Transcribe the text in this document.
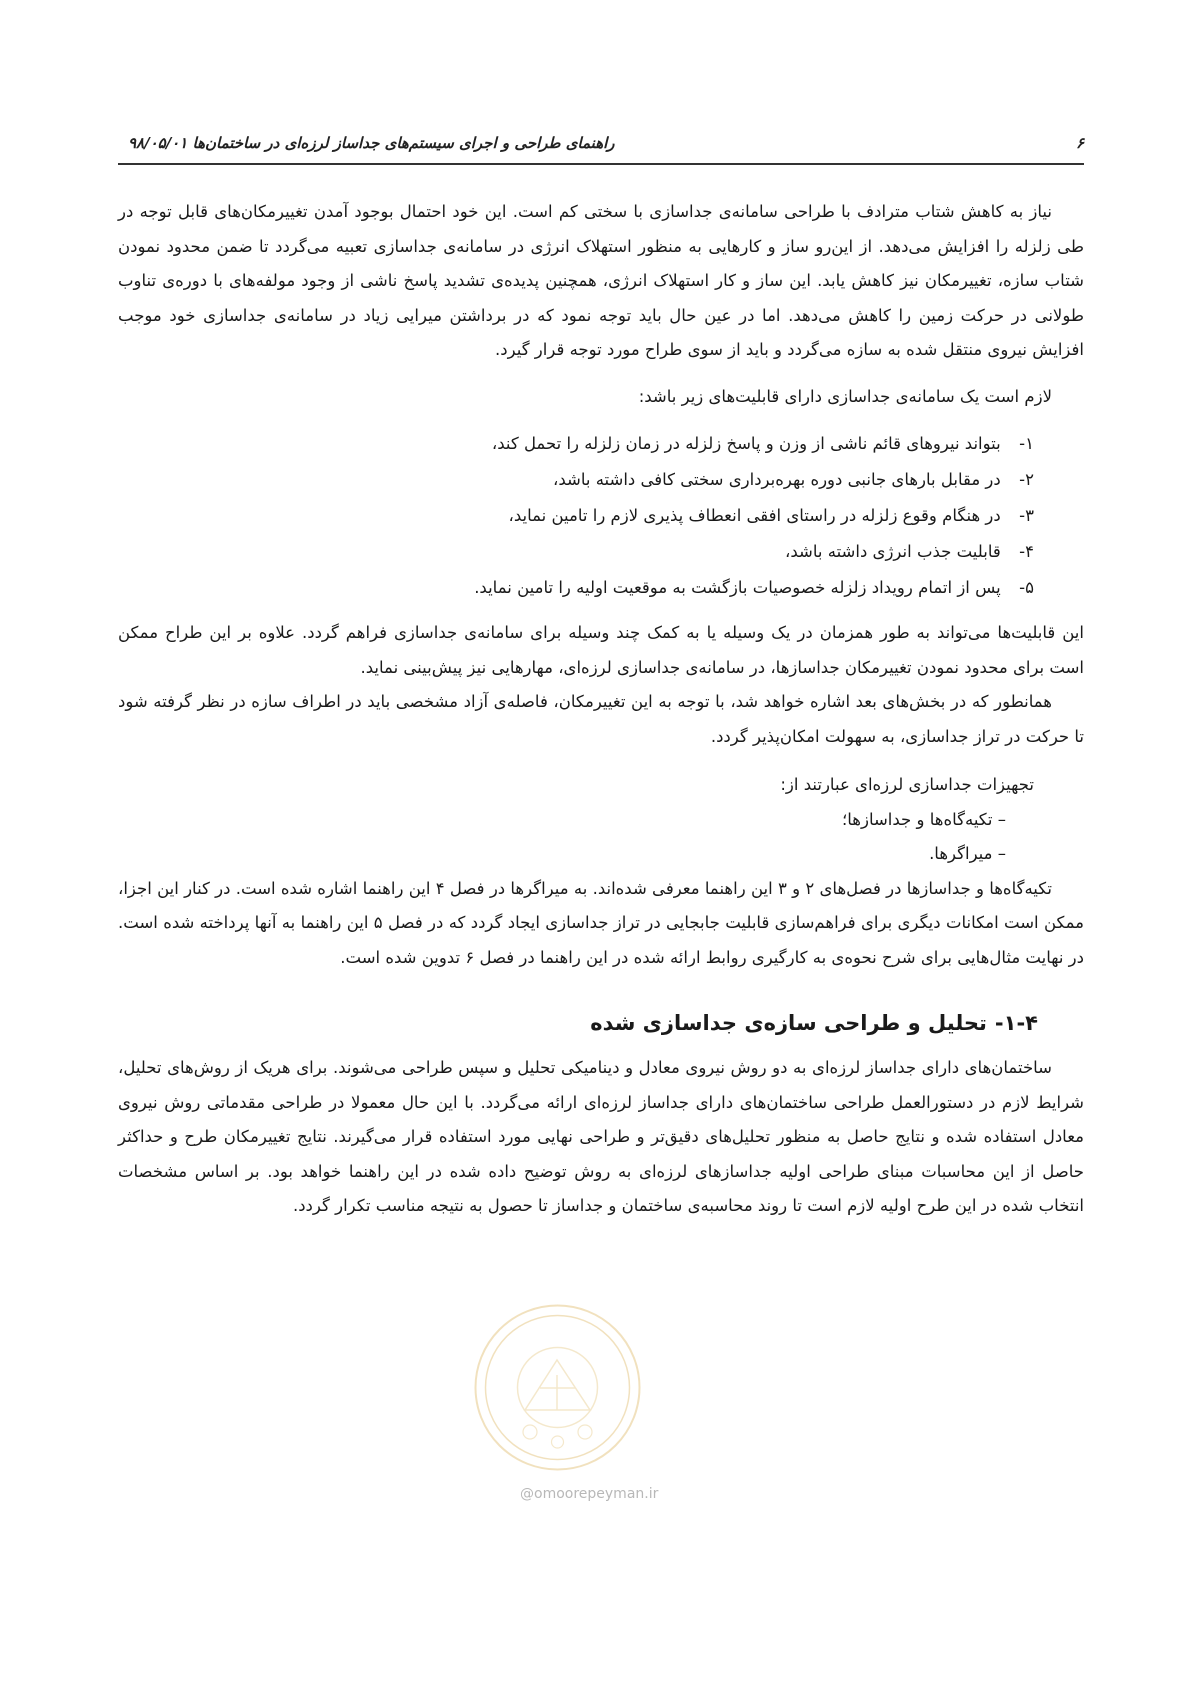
۶
راهنمای طراحی و اجرای سیستم‌های جداساز لرزه‌ای در ساختمان‌ها ۹۸/۰۵/۰۱

نیاز به کاهش شتاب مترادف با طراحی سامانه‌ی جداسازی با سختی کم است. این خود احتمال بوجود آمدن تغییرمکان‌های قابل توجه در طی زلزله را افزایش می‌دهد. از این‌رو ساز و کارهایی به منظور استهلاک انرژی در سامانه‌ی جداسازی تعبیه می‌گردد تا ضمن محدود نمودن شتاب سازه، تغییرمکان نیز کاهش یابد. این ساز و کار استهلاک انرژی، همچنین پدیده‌ی تشدید پاسخ ناشی از وجود مولفه‌های با دوره‌ی تناوب طولانی در حرکت زمین را کاهش می‌دهد. اما در عین حال باید توجه نمود که در برداشتن میرایی زیاد در سامانه‌ی جداسازی خود موجب افزایش نیروی منتقل شده به سازه می‌گردد و باید از سوی طراح مورد توجه قرار گیرد.

لازم است یک سامانه‌ی جداسازی دارای قابلیت‌های زیر باشد:

۱- بتواند نیروهای قائم ناشی از وزن و پاسخ زلزله در زمان زلزله را تحمل کند،
۲- در مقابل بارهای جانبی دوره بهره‌برداری سختی کافی داشته باشد،
۳- در هنگام وقوع زلزله در راستای افقی انعطاف پذیری لازم را تامین نماید،
۴- قابلیت جذب انرژی داشته باشد،
۵- پس از اتمام رویداد زلزله خصوصیات بازگشت به موقعیت اولیه را تامین نماید.

این قابلیت‌ها می‌تواند به طور همزمان در یک وسیله یا به کمک چند وسیله برای سامانه‌ی جداسازی فراهم گردد. علاوه بر این طراح ممکن است برای محدود نمودن تغییرمکان جداسازها، در سامانه‌ی جداسازی لرزه‌ای، مهارهایی نیز پیش‌بینی نماید.

همانطور که در بخش‌های بعد اشاره خواهد شد، با توجه به این تغییرمکان، فاصله‌ی آزاد مشخصی باید در اطراف سازه در نظر گرفته شود تا حرکت در تراز جداسازی، به سهولت امکان‌پذیر گردد.

تجهیزات جداسازی لرزه‌ای عبارتند از:

– تکیه‌گاه‌ها و جداسازها؛

– میراگرها.

تکیه‌گاه‌ها و جداسازها در فصل‌های ۲ و ۳ این راهنما معرفی شده‌اند. به میراگرها در فصل ۴ این راهنما اشاره شده است. در کنار این اجزا، ممکن است امکانات دیگری برای فراهم‌سازی قابلیت جابجایی در تراز جداسازی ایجاد گردد که در فصل ۵ این راهنما به آنها پرداخته شده است. در نهایت مثال‌هایی برای شرح نحوه‌ی به کارگیری روابط ارائه شده در این راهنما در فصل ۶ تدوین شده است.

۱-۴-تحلیل و طراحی سازه‌ی جداسازی شده

ساختمان‌های دارای جداساز لرزه‌ای به دو روش نیروی معادل و دینامیکی تحلیل و سپس طراحی می‌شوند. برای هریک از روش‌های تحلیل، شرایط لازم در دستورالعمل طراحی ساختمان‌های دارای جداساز لرزه‌ای ارائه می‌گردد. با این حال معمولا در طراحی مقدماتی روش نیروی معادل استفاده شده و نتایج حاصل به منظور تحلیل‌های دقیق‌تر و طراحی نهایی مورد استفاده قرار می‌گیرند. نتایج تغییرمکان طرح و حداکثر حاصل از این محاسبات مبنای طراحی اولیه جداسازهای لرزه‌ای به روش توضیح داده شده در این راهنما خواهد بود. بر اساس مشخصات انتخاب شده در این طرح اولیه لازم است تا روند محاسبه‌ی ساختمان و جداساز تا حصول به نتیجه مناسب تکرار گردد.

@omoorepeyman.ir
